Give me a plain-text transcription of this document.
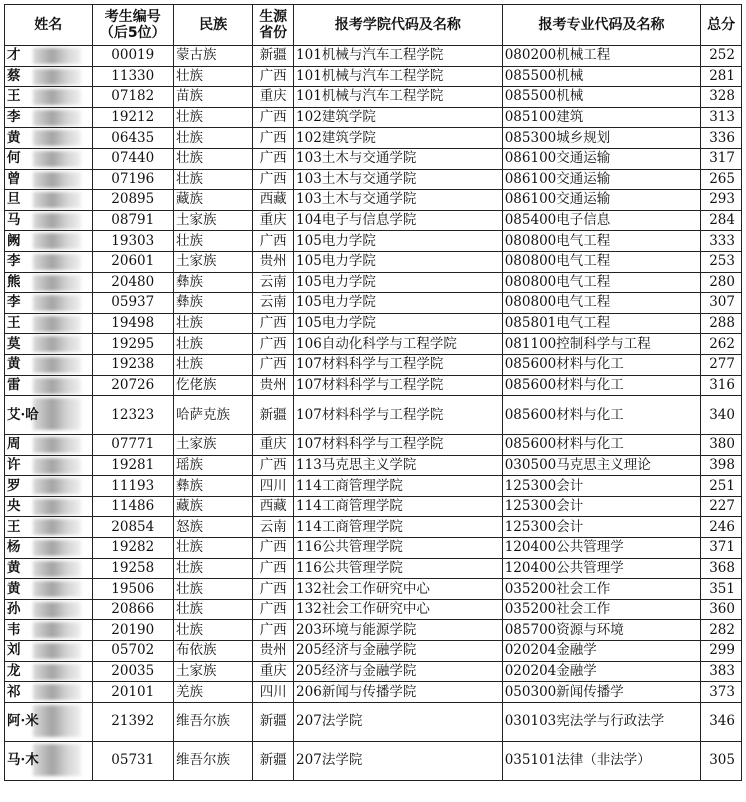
姓名	考生编号（后5位）	民族	生源省份	报考学院代码及名称	报考专业代码及名称	总分
才	00019	蒙古族	新疆	101机械与汽车工程学院	080200机械工程	252
蔡	11330	壮族	广西	101机械与汽车工程学院	085500机械	281
王	07182	苗族	重庆	101机械与汽车工程学院	085500机械	328
李	19212	壮族	广西	102建筑学院	085100建筑	313
黄	06435	壮族	广西	102建筑学院	085300城乡规划	336
何	07440	壮族	广西	103土木与交通学院	086100交通运输	317
曾	07196	壮族	广西	103土木与交通学院	086100交通运输	265
旦	20895	藏族	西藏	103土木与交通学院	086100交通运输	293
马	08791	土家族	重庆	104电子与信息学院	085400电子信息	284
阙	19303	壮族	广西	105电力学院	080800电气工程	333
李	20601	土家族	贵州	105电力学院	080800电气工程	253
熊	20480	彝族	云南	105电力学院	080800电气工程	280
李	05937	彝族	云南	105电力学院	080800电气工程	307
王	19498	壮族	广西	105电力学院	085801电气工程	288
莫	19295	壮族	广西	106自动化科学与工程学院	081100控制科学与工程	262
黄	19238	壮族	广西	107材料科学与工程学院	085600材料与化工	277
雷	20726	仡佬族	贵州	107材料科学与工程学院	085600材料与化工	316
艾·哈	12323	哈萨克族	新疆	107材料科学与工程学院	085600材料与化工	340
周	07771	土家族	重庆	107材料科学与工程学院	085600材料与化工	380
许	19281	瑶族	广西	113马克思主义学院	030500马克思主义理论	398
罗	11193	彝族	四川	114工商管理学院	125300会计	251
央	11486	藏族	西藏	114工商管理学院	125300会计	227
王	20854	怒族	云南	114工商管理学院	125300会计	246
杨	19282	壮族	广西	116公共管理学院	120400公共管理学	371
黄	19258	壮族	广西	116公共管理学院	120400公共管理学	368
黄	19506	壮族	广西	132社会工作研究中心	035200社会工作	351
孙	20866	壮族	广西	132社会工作研究中心	035200社会工作	360
韦	20190	壮族	广西	203环境与能源学院	085700资源与环境	282
刘	05702	布依族	贵州	205经济与金融学院	020204金融学	299
龙	20035	土家族	重庆	205经济与金融学院	020204金融学	383
祁	20101	羌族	四川	206新闻与传播学院	050300新闻传播学	373
阿·米	21392	维吾尔族	新疆	207法学院	030103宪法学与行政法学	346
马·木	05731	维吾尔族	新疆	207法学院	035101法律（非法学）	305
